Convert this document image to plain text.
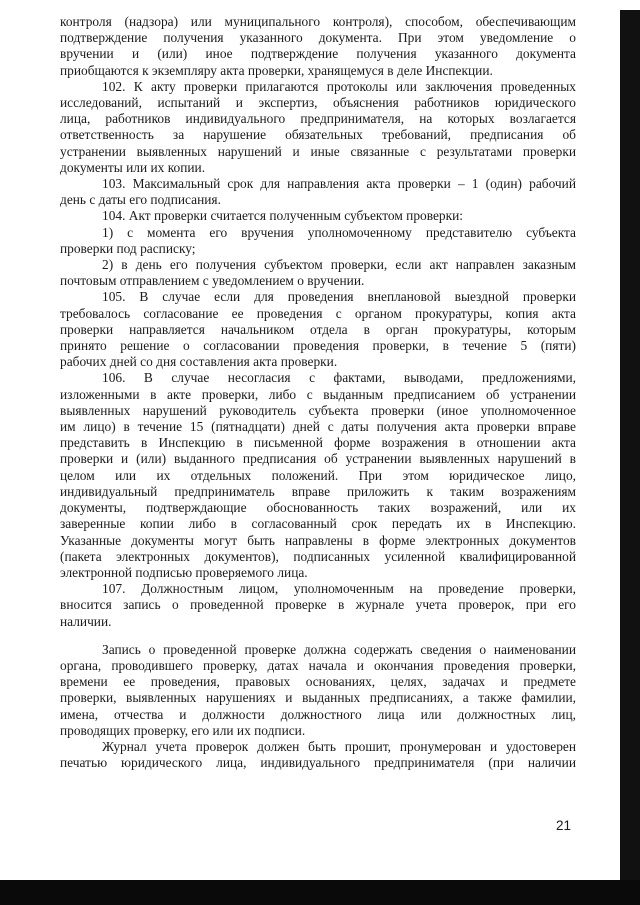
контроля (надзора) или муниципального контроля), способом, обеспечивающим

подтверждение получения указанного документа. При этом уведомление о

вручении и (или) иное подтверждение получения указанного документа

приобщаются к экземпляру акта проверки, хранящемуся в деле Инспекции.

102. К акту проверки прилагаются протоколы или заключения проведенных

исследований, испытаний и экспертиз, объяснения работников юридического

лица, работников индивидуального предпринимателя, на которых возлагается

ответственность за нарушение обязательных требований, предписания об

устранении выявленных нарушений и иные связанные с результатами проверки

документы или их копии.

103. Максимальный срок для направления акта проверки – 1 (один) рабочий

день с даты его подписания.

104. Акт проверки считается полученным субъектом проверки:

1) с момента его вручения уполномоченному представителю субъекта

проверки под расписку;

2) в день его получения субъектом проверки, если акт направлен заказным

почтовым отправлением с уведомлением о вручении.

105. В случае если для проведения внеплановой выездной проверки

требовалось согласование ее проведения с органом прокуратуры, копия акта

проверки направляется начальником отдела в орган прокуратуры, которым

принято решение о согласовании проведения проверки, в течение 5 (пяти)

рабочих дней со дня составления акта проверки.

106. В случае несогласия с фактами, выводами, предложениями,

изложенными в акте проверки, либо с выданным предписанием об устранении

выявленных нарушений руководитель субъекта проверки (иное уполномоченное

им лицо) в течение 15 (пятнадцати) дней с даты получения акта проверки вправе

представить в Инспекцию в письменной форме возражения в отношении акта

проверки и (или) выданного предписания об устранении выявленных нарушений в

целом или их отдельных положений. При этом юридическое лицо,

индивидуальный предприниматель вправе приложить к таким возражениям

документы, подтверждающие обоснованность таких возражений, или их

заверенные копии либо в согласованный срок передать их в Инспекцию.

Указанные документы могут быть направлены в форме электронных документов

(пакета электронных документов), подписанных усиленной квалифицированной

электронной подписью проверяемого лица.

107. Должностным лицом, уполномоченным на проведение проверки,

вносится запись о проведенной проверке в журнале учета проверок, при его

наличии.

Запись о проведенной проверке должна содержать сведения о наименовании

органа, проводившего проверку, датах начала и окончания проведения проверки,

времени ее проведения, правовых основаниях, целях, задачах и предмете

проверки, выявленных нарушениях и выданных предписаниях, а также фамилии,

имена, отчества и должности должностного лица или должностных лиц,

проводящих проверку, его или их подписи.

Журнал учета проверок должен быть прошит, пронумерован и удостоверен

печатью юридического лица, индивидуального предпринимателя (при наличии

21
